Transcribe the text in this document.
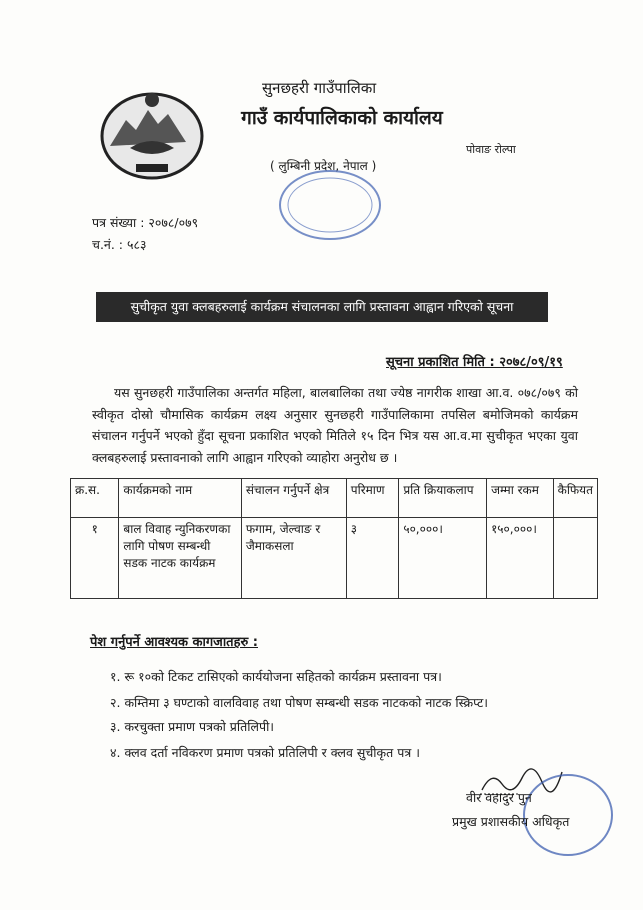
सुनछहरी गाउँपालिका
गाउँ कार्यपालिकाको कार्यालय
पोवाङ रोल्पा
( लुम्बिनी प्रदेश, नेपाल )
पत्र संख्या : २०७८/०७९
च.नं. : ५८३
सुचीकृत युवा क्लबहरुलाई कार्यक्रम संचालनका लागि प्रस्तावना आह्वान गरिएको सूचना
सूचना प्रकाशित मिति : २०७८/०९/१९
यस सुनछहरी गाउँपालिका अन्तर्गत महिला, बालबालिका तथा ज्येष्ठ नागरीक शाखा आ.व. ०७८/०७९ को स्वीकृत दोस्रो चौमासिक कार्यक्रम लक्ष्य अनुसार सुनछहरी गाउँपालिकामा तपसिल बमोजिमको कार्यक्रम संचालन गर्नुपर्ने भएको हुँदा सूचना प्रकाशित भएको मितिले १५ दिन भित्र यस आ.व.मा सुचीकृत भएका युवा क्लबहरुलाई प्रस्तावनाको लागि आह्वान गरिएको व्याहोरा अनुरोध छ ।
क्र.स.	कार्यक्रमको नाम	संचालन गर्नुपर्ने क्षेत्र	परिमाण	प्रति क्रियाकलाप	जम्मा रकम	कैफियत
१	बाल विवाह न्युनिकरणका लागि पोषण सम्बन्धी सडक नाटक कार्यक्रम	फगाम, जेल्वाङ र जैमाकसला	३	५०,०००।	१५०,०००।	
पेश गर्नुपर्ने आवश्यक कागजातहरु :
१. रू १०को टिकट टासिएको कार्ययोजना सहितको कार्यक्रम प्रस्तावना पत्र।
२. कम्तिमा ३ घण्टाको वालविवाह तथा पोषण सम्बन्धी सडक नाटकको नाटक स्क्रिप्ट।
३. करचुक्ता प्रमाण पत्रको प्रतिलिपी।
४. क्लव दर्ता नविकरण प्रमाण पत्रको प्रतिलिपी र क्लव सुचीकृत पत्र ।
वीर वहादुर पुन
प्रमुख प्रशासकीय अधिकृत
